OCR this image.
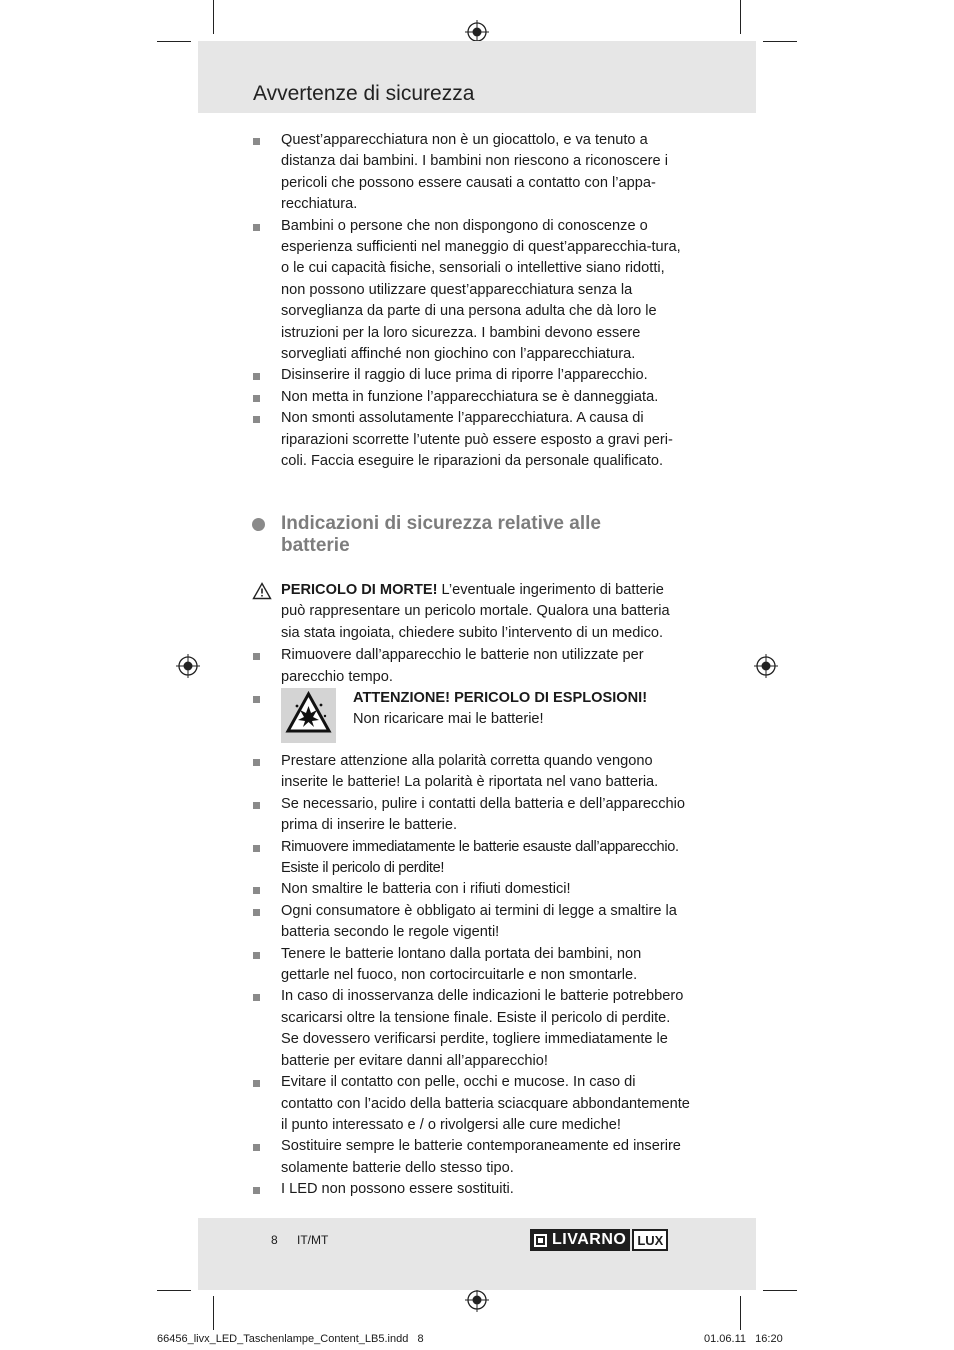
Avvertenze di sicurezza
Quest’apparecchiatura non è un giocattolo, e va tenuto a distanza dai bambini. I bambini non riescono a riconoscere i pericoli che possono essere causati a contatto con l’appa-recchiatura.
Bambini o persone che non dispongono di conoscenze o esperienza sufficienti nel maneggio di quest’apparecchia-tura, o le cui capacità fisiche, sensoriali o intellettive siano ridotti, non possono utilizzare quest’apparecchiatura senza la sorveglianza da parte di una persona adulta che dà loro le istruzioni per la loro sicurezza. I bambini devono essere sorvegliati affinché non giochino con l’apparecchiatura.
Disinserire il raggio di luce prima di riporre l’apparecchio.
Non metta in funzione l’apparecchiatura se è danneggiata.
Non smonti assolutamente l’apparecchiatura. A causa di riparazioni scorrette l’utente può essere esposto a gravi peri-coli. Faccia eseguire le riparazioni da personale qualificato.
Indicazioni di sicurezza relative alle batterie
PERICOLO DI MORTE! L’eventuale ingerimento di batterie può rappresentare un pericolo mortale. Qualora una batteria sia stata ingoiata, chiedere subito l’intervento di un medico.
Rimuovere dall’apparecchio le batterie non utilizzate per parecchio tempo.
ATTENZIONE! PERICOLO DI ESPLOSIONI!
Non ricaricare mai le batterie!
Prestare attenzione alla polarità corretta quando vengono inserite le batterie! La polarità è riportata nel vano batteria.
Se necessario, pulire i contatti della batteria e dell’apparecchio prima di inserire le batterie.
Rimuovere immediatamente le batterie esauste dall’apparecchio. Esiste il pericolo di perdite!
Non smaltire le batteria con i rifiuti domestici!
Ogni consumatore è obbligato ai termini di legge a smaltire la batteria secondo le regole vigenti!
Tenere le batterie lontano dalla portata dei bambini, non gettarle nel fuoco, non cortocircuitarle e non smontarle.
In caso di inosservanza delle indicazioni le batterie potrebbero scaricarsi oltre la tensione finale. Esiste il pericolo di perdite. Se dovessero verificarsi perdite, togliere immediatamente le batterie per evitare danni all’apparecchio!
Evitare il contatto con pelle, occhi e mucose. In caso di contatto con l’acido della batteria sciacquare abbondantemente il punto interessato e / o rivolgersi alle cure mediche!
Sostituire sempre le batterie contemporaneamente ed inserire solamente batterie dello stesso tipo.
I LED non possono essere sostituiti.
8 IT/MT	LIVARNO LUX
66456_livx_LED_Taschenlampe_Content_LB5.indd   8	01.06.11   16:20
